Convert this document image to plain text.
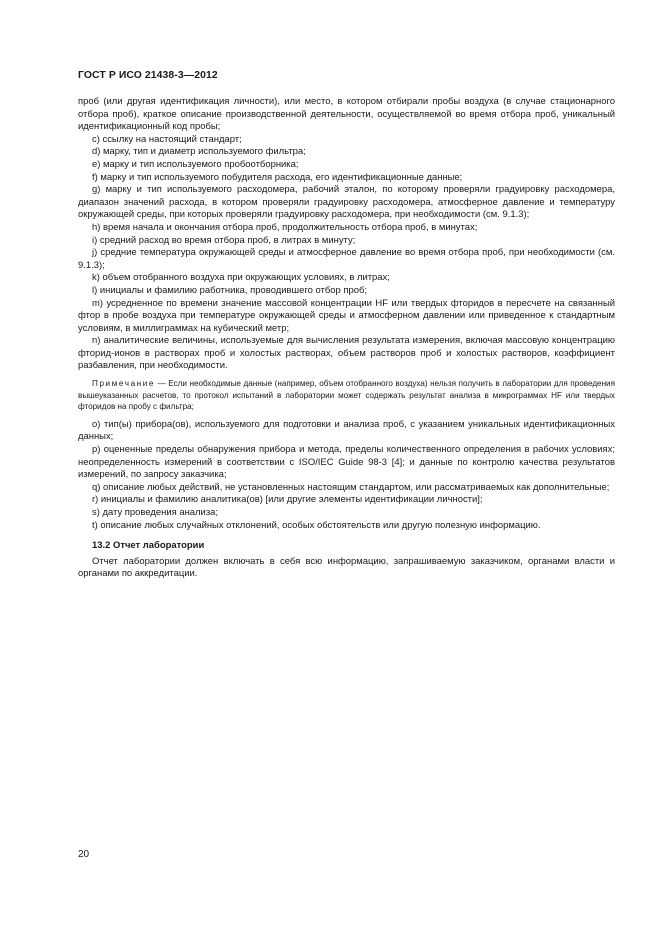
ГОСТ Р ИСО 21438-3—2012

проб (или другая идентификация личности), или место, в котором отбирали пробы воздуха (в случае стационарного отбора проб), краткое описание производственной деятельности, осуществляемой во время отбора проб, уникальный идентификационный код пробы;

c) ссылку на настоящий стандарт;

d) марку, тип и диаметр используемого фильтра;

e) марку и тип используемого пробоотборника;

f) марку и тип используемого побудителя расхода, его идентификационные данные;

g) марку и тип используемого расходомера, рабочий эталон, по которому проверяли градуировку расходомера, диапазон значений расхода, в котором проверяли градуировку расходомера, атмосферное давление и температуру окружающей среды, при которых проверяли градуировку расходомера, при необходимости (см. 9.1.3);

h) время начала и окончания отбора проб, продолжительность отбора проб, в минутах;

i) средний расход во время отбора проб, в литрах в минуту;

j) средние температура окружающей среды и атмосферное давление во время отбора проб, при необходимости (см. 9.1.3);

k) объем отобранного воздуха при окружающих условиях, в литрах;

l) инициалы и фамилию работника, проводившего отбор проб;

m) усредненное по времени значение массовой концентрации HF или твердых фторидов в пересчете на связанный фтор в пробе воздуха при температуре окружающей среды и атмосферном давлении или приведенное к стандартным условиям, в миллиграммах на кубический метр;

n) аналитические величины, используемые для вычисления результата измерения, включая массовую концентрацию фторид-ионов в растворах проб и холостых растворах, объем растворов проб и холостых растворов, коэффициент разбавления, при необходимости.

Примечание — Если необходимые данные (например, объем отобранного воздуха) нельзя получить в лаборатории для проведения вышеуказанных расчетов, то протокол испытаний в лаборатории может содержать результат анализа в микрограммах HF или твердых фторидов на пробу с фильтра;

o) тип(ы) прибора(ов), используемого для подготовки и анализа проб, с указанием уникальных идентификационных данных;

p) оцененные пределы обнаружения прибора и метода, пределы количественного определения в рабочих условиях; неопределенность измерений в соответствии с ISO/IEC Guide 98-3 [4]; и данные по контролю качества результатов измерений, по запросу заказчика;

q) описание любых действий, не установленных настоящим стандартом, или рассматриваемых как дополнительные;

r) инициалы и фамилию аналитика(ов) [или другие элементы идентификации личности];

s) дату проведения анализа;

t) описание любых случайных отклонений, особых обстоятельств или другую полезную информацию.

13.2 Отчет лаборатории

Отчет лаборатории должен включать в себя всю информацию, запрашиваемую заказчиком, органами власти и органами по аккредитации.

20
